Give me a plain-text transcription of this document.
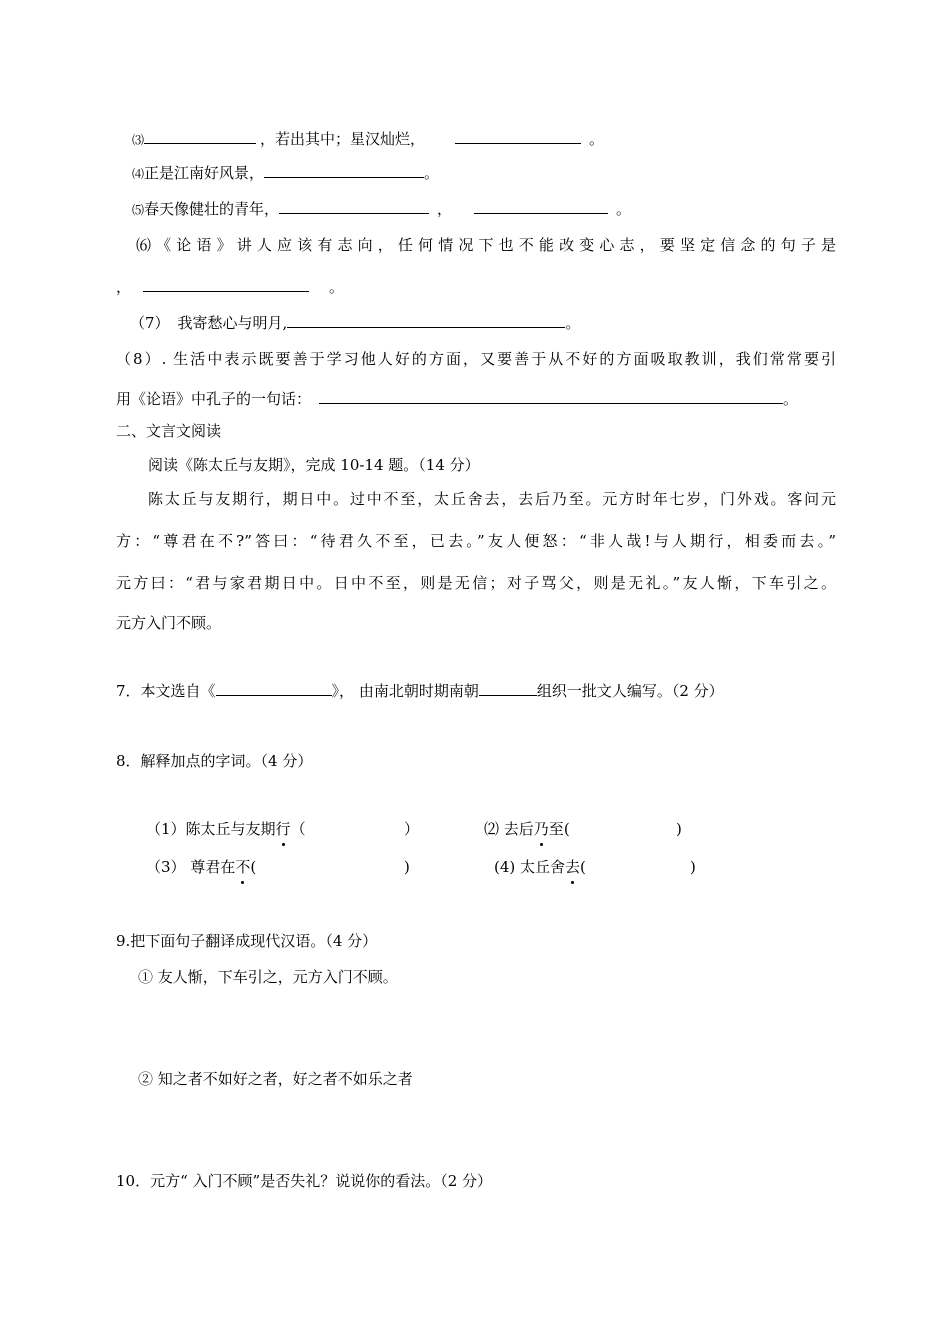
⑶	，若出其中；星汉灿烂，	。
⑷正是江南好风景，	。
⑸春天像健壮的青年，	，	。
⑹《论语》讲人应该有志向，任何情况下也不能改变心志，要坚定信念的句子是
，	。
（7） 我寄愁心与明月,	。
（8）. 生活中表示既要善于学习他人好的方面，又要善于从不好的方面吸取教训，我们常常要引
用《论语》中孔子的一句话：	。
二、文言文阅读
阅读《陈太丘与友期》，完成 10-14 题。（14 分）
陈太丘与友期行，期日中。过中不至，太丘舍去，去后乃至。元方时年七岁，门外戏。客问元
方：“尊君在不?”答曰：“待君久不至，已去。”友人便怒：“非人哉!与人期行，相委而去。”
元方曰：“君与家君期日中。日中不至，则是无信；对子骂父，则是无礼。”友人惭，下车引之。
元方入门不顾。
7．本文选自《	》， 由南北朝时期南朝	组织一批文人编写。（2 分）
8．解释加点的字词。（4 分）
（1）陈太丘与友期行（	）	⑵ 去后乃至(	)
（3） 尊君在不(	)	(4) 太丘舍去(	)
9.把下面句子翻译成现代汉语。（4 分）
① 友人惭，下车引之，元方入门不顾。
② 知之者不如好之者，好之者不如乐之者
10．元方“ 入门不顾”是否失礼？说说你的看法。（2 分）
